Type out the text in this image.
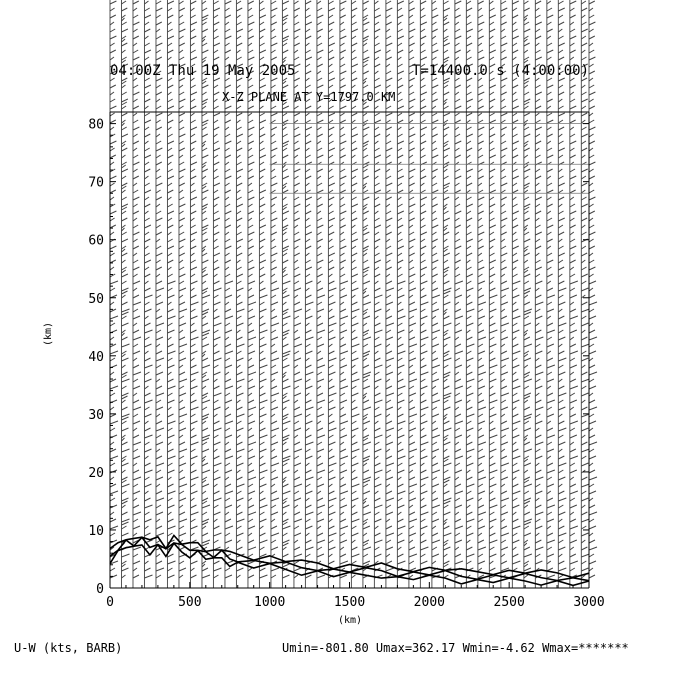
0
10
20
30
40
50
60
70
80
0	500	1000	1500	2000	2500	3000
04:00Z Thu 19 May 2005	T=14400.0 s (4:00:00)
X-Z PLANE AT Y=1797.0 KM
(km)
(km)
U-W (kts, BARB)	Umin=-801.80 Umax=362.17 Wmin=-4.62 Wmax=*******
